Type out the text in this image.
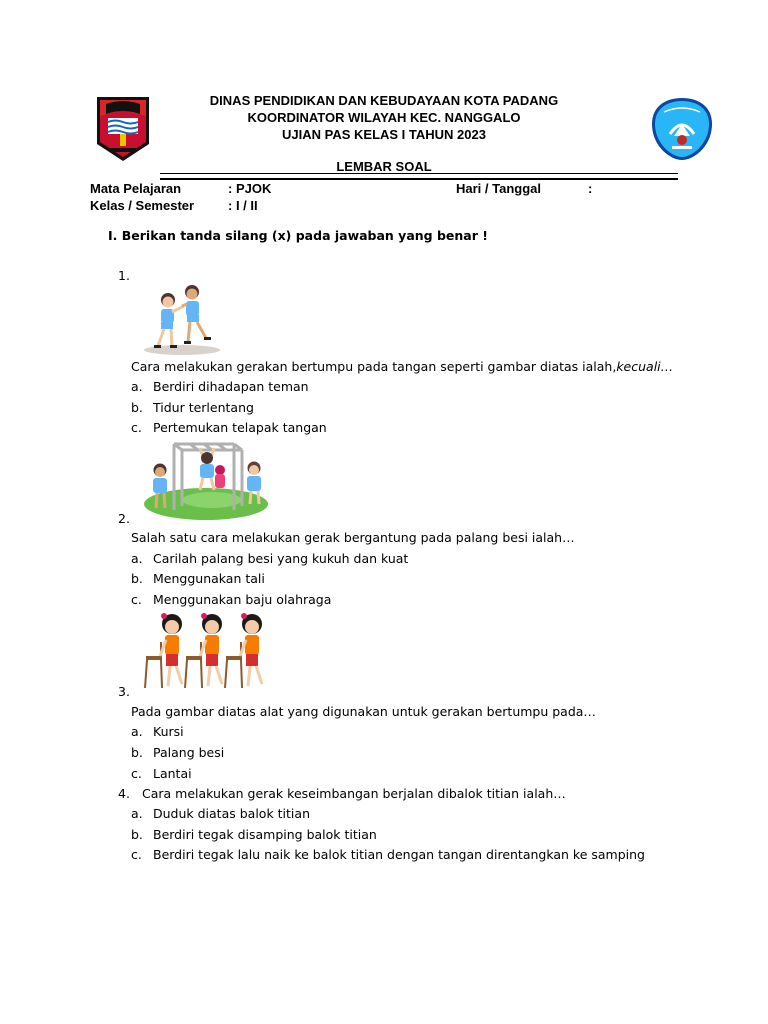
DINAS PENDIDIKAN DAN KEBUDAYAAN KOTA PADANG
KOORDINATOR WILAYAH KEC. NANGGALO
UJIAN PAS KELAS I TAHUN 2023
LEMBAR SOAL
Mata Pelajaran	: PJOK	Hari / Tanggal	:
Kelas / Semester	: I / II
I. Berikan tanda silang (x) pada jawaban yang benar !
1.
Cara melakukan gerakan bertumpu pada tangan seperti gambar diatas ialah,kecuali…
a. Berdiri dihadapan teman
b. Tidur terlentang
c. Pertemukan telapak tangan
2.
Salah satu cara melakukan gerak bergantung pada palang besi ialah…
a. Carilah palang besi yang kukuh dan kuat
b. Menggunakan tali
c. Menggunakan baju olahraga
3.
Pada gambar diatas alat yang digunakan untuk gerakan bertumpu pada…
a. Kursi
b. Palang besi
c. Lantai
4. Cara melakukan gerak keseimbangan berjalan dibalok titian ialah…
a. Duduk diatas balok titian
b. Berdiri tegak disamping balok titian
c. Berdiri tegak lalu naik ke balok titian dengan tangan direntangkan ke samping
